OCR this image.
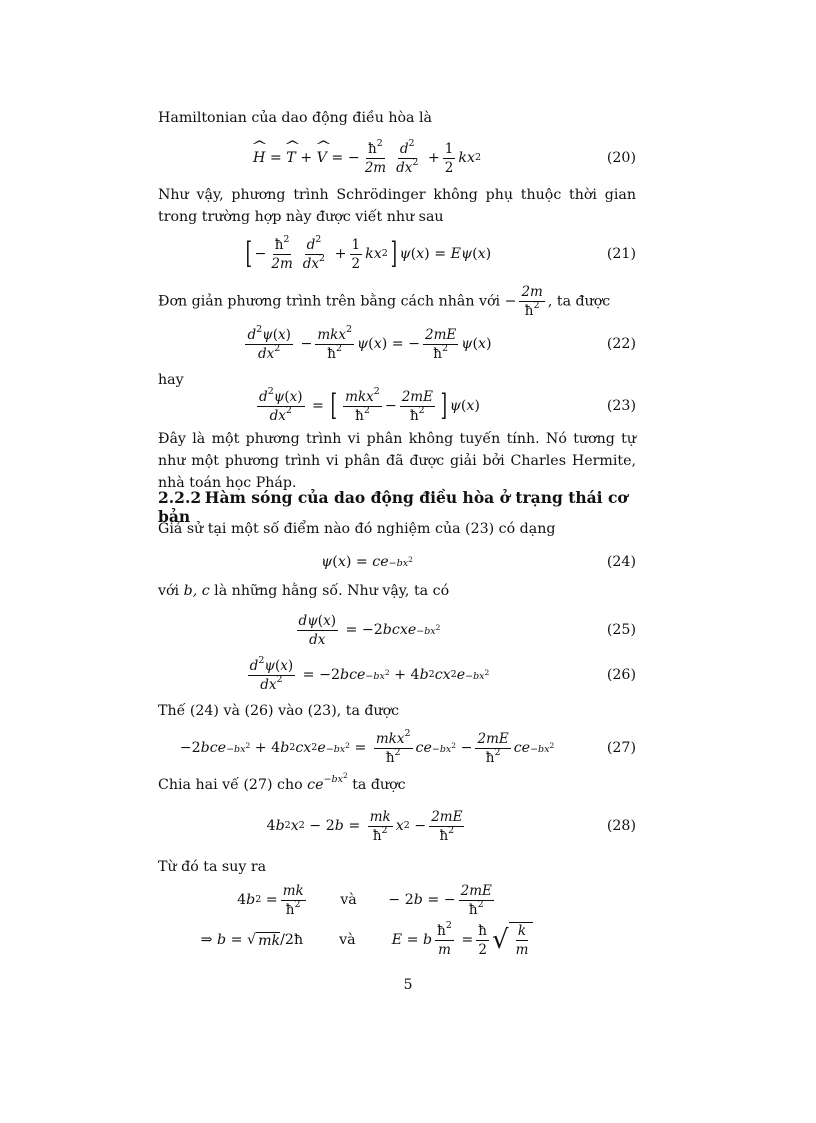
Hamiltonian của dao động điều hòa là
^ H = ^ T + ^ V = − $\frac{ħ^2}{2m} \frac{d^2}{dx^2} + \frac{1}{2}$ kx 2	(20)
Như vậy, phương trình Schrödinger không phụ thuộc thời gian trong trường hợp này được viết như sau
[ − $\frac{ħ^2}{2m} \frac{d^2}{dx^2} + \frac{1}{2}$ kx 2 ] ψ ( x ) = Eψ ( x )	(21)
Đơn giản phương trình trên bằng cách nhân với − $\frac{2m}{ħ^2}$ , ta được
$\frac{d^2\psi(x)}{dx^2} - \frac{mkx^2}{ħ^2}$ ψ ( x ) = − $\frac{2mE}{ħ^2}$ ψ ( x )	(22)
hay
$\frac{d^2\psi(x)}{dx^2}$ = [ $\frac{mkx^2}{ħ^2} - \frac{2mE}{ħ^2}$ ] ψ ( x )	(23)
Đây là một phương trình vi phân không tuyến tính. Nó tương tự như một phương trình vi phân đã được giải bởi Charles Hermite, nhà toán học Pháp.
2.2.2 Hàm sóng của dao động điều hòa ở trạng thái cơ bản
Giả sử tại một số điểm nào đó nghiệm của (23) có dạng
ψ ( x ) = ce $-bx^2$	(24)
với b, c là những hằng số. Như vậy, ta có
$\frac{d\psi(x)}{dx} = -2$ bcxe $-bx^2$	(25)
$\frac{d^2\psi(x)}{dx^2} = -2$ bce $-bx^2 + 4$ b 2 cx 2 $e -bx^2$	(26)
Thế (24) và (26) vào (23), ta được
−2 bce $-bx^2 + 4$ b 2 cx 2 $e -bx^2 = \frac{mkx^2}{ħ^2}$ ce $-bx^2 - \frac{2mE}{ħ^2}$ ce $-bx^2$	(27)
Chia hai vế (27) cho $ce^{-bx^2}$ ta được
4 b 2 x 2 − 2 $b = \frac{mk}{ħ^2}$ x $2 - \frac{2mE}{ħ^2}$	(28)
Từ đó ta suy ra
4 b $2 = \frac{mk}{ħ^2}$
và − 2 b = − $\frac{2mE}{ħ^2}$
⇒ b = √ mk /2ħ và
	E = b $\frac{ħ^2}{m} = \frac{ħ}{2}$ √ $\frac{k}{m}$
5
